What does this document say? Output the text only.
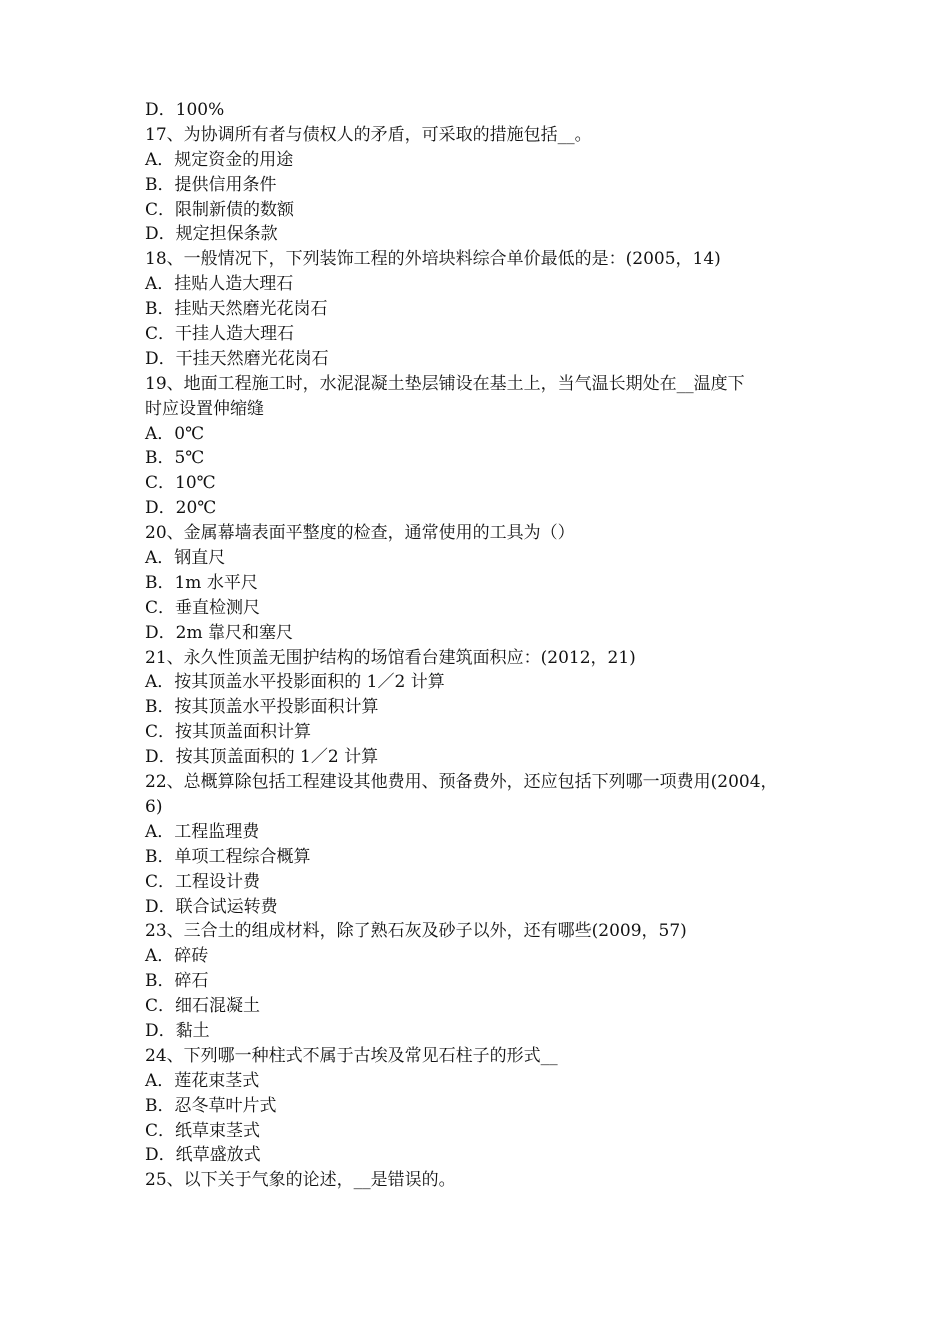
D．100%
17、为协调所有者与债权人的矛盾，可采取的措施包括__。
A．规定资金的用途
B．提供信用条件
C．限制新债的数额
D．规定担保条款
18、一般情况下，下列装饰工程的外培块料综合单价最低的是：(2005，14)
A．挂贴人造大理石
B．挂贴天然磨光花岗石
C．干挂人造大理石
D．干挂天然磨光花岗石
19、地面工程施工时，水泥混凝土垫层铺设在基土上，当气温长期处在__温度下
时应设置伸缩缝
A．0℃
B．5℃
C．10℃
D．20℃
20、金属幕墙表面平整度的检查，通常使用的工具为（）
A．钢直尺
B．1m 水平尺
C．垂直检测尺
D．2m 靠尺和塞尺
21、永久性顶盖无围护结构的场馆看台建筑面积应：(2012，21)
A．按其顶盖水平投影面积的 1／2 计算
B．按其顶盖水平投影面积计算
C．按其顶盖面积计算
D．按其顶盖面积的 1／2 计算
22、总概算除包括工程建设其他费用、预备费外，还应包括下列哪一项费用(2004，
6)
A．工程监理费
B．单项工程综合概算
C．工程设计费
D．联合试运转费
23、三合土的组成材料，除了熟石灰及砂子以外，还有哪些(2009，57)
A．碎砖
B．碎石
C．细石混凝土
D．黏土
24、下列哪一种柱式不属于古埃及常见石柱子的形式__
A．莲花束茎式
B．忍冬草叶片式
C．纸草束茎式
D．纸草盛放式
25、以下关于气象的论述，__是错误的。
